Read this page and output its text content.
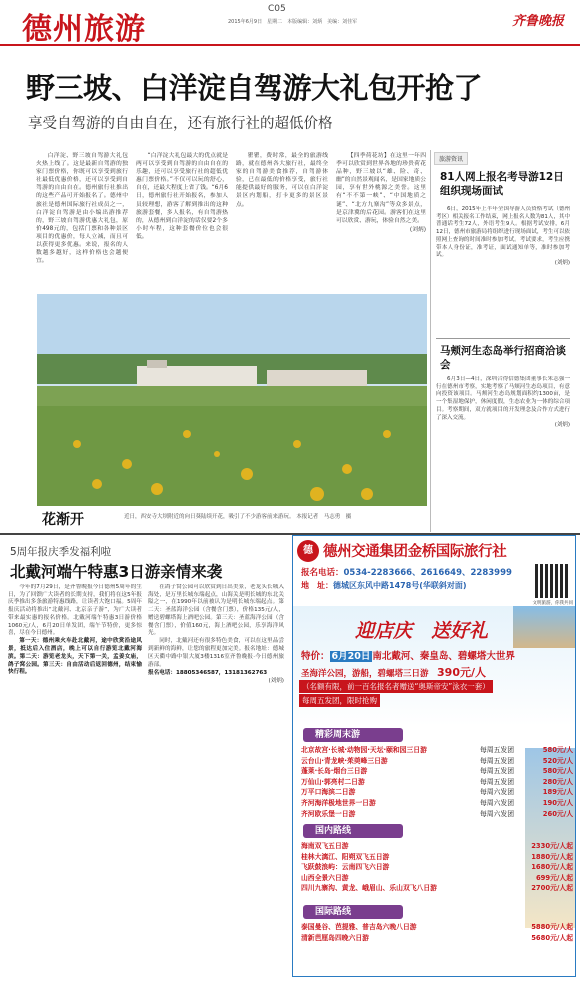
德州旅游
C05
2015年6月9日　星期二　本版编辑：刘炳　美编：刘佳军	齐鲁晚报
野三坡、白洋淀自驾游大礼包开抢了
享受自驾游的自由自在，还有旅行社的超低价格

白洋淀、野三坡自驾游大礼包火热上线了。这是最新自驾游的独家门票价格，你既可以享受到旅行社最低优惠价格，还可以享受到自驾游的自由自在。德州旅行社推出的这些产品可开始报名了。德州中旅社是德州国际旅行社成员之一，白洋淀自驾游是由小编出游推荐的，野三坡自驾游优惠大礼包，原价498元的，包括门票和各种景区项目的优惠价，每人立减，而且可以获得更多优惠。来说，报名的人数越多越好，这样价格也会越便宜。

“白洋淀大礼包最大的优点就是两可以享受到自驾游的自由自在的乐趣，还可以享受旅行社的超低优惠门票价格。”不仅可以玩的舒心，自在，还最大程度上省了钱。“6月6日，德州旅行社开始报名，参加人员较理想，游客了解到推出的这种旅游套餐，多人报名，有自驾游热的，从德州到白洋淀的话仅要2个多小时车程，这种套餐价位也会很低。

瞿瞿，费时常，最全的旅游线路，就在德州各大旅行社，最终全家的自驾游美食推荐，自驾游体验，已在最低的价格享受，旅行社能提供最好的服务，可以在白洋淀景区内划船，打卡更多的景区景点。

【四季荷花坊】在这里一年四季可以欣赏到世界各地的珍贵荷花品种，野三坡以“雄、险、奇、幽”的自然景观闻名，是国家地质公园，享有世外桃源之美誉。这里有“不不第一峡”、“中国地质之谜”、“北方九寨沟”等众多景点，是京津冀的后花园。游客们在这里可以欣赏、游玩，体验自然之美。

(刘炳)

花渐开	近日，西安寺大坝附近的向日葵陆续开花，吸引了不少游客前来游玩。 本报记者　马志勇　摄
旅游资讯
81人网上报名考导游12日组织现场面试

6日，2015年上半年全国导游人员资格考试（德州考区）相关报名工作结束，网上报名人数为81人，其中普通话考生72人，外语考生9人。根据考试安排，6月12日，德州市旅游局将组织进行现场面试，考生可以依照网上查询的时间准时参加考试。考试要求，考生应携带本人身份证，准考证，面试通知单等，准时参加考试。

(刘炳)

马颊河生态岛举行招商洽谈会

6月3日—4日，深圳合得信德集团董事长朱志强一行在德州市考察，实地考察了马颊河生态岛项目，有意向投资该项目。马颊河生态岛规划面积约1300亩，是一个集湿地保护，休闲度假，生态农业为一体的综合项目。考察期间，双方就项目的开发理念及合作方式进行了深入交流。

(刘炳)

5周年报庆季发福利啦
北戴河端午特惠3日游亲情来袭

今年的7月29日，是齐鲁晚报今日德州5周年的生日，为了回馈广大读者的长期支持，我们将在这5年报庆季推出多条旅游特惠线路，让读者大饱口福。5周年报庆活动将推出“北戴河、北京亲子游”，为广大读者带来最实惠的报名价格。北戴河端午特惠3日游价格1060元/人，6月20日单发团，端午节特价，更多惊喜，尽在今日德州。

第一天：德州乘火车赴北戴河，途中欣赏沿途风景，抵达后入住酒店，晚上可以自行游览北戴河海滨。第二天：游览老龙头，天下第一关，孟姜女庙，鸽子窝公园。第三天：自由活动后返回德州，结束愉快行程。

在鸽子窝公园可以欣赏到日出美景，老龙头长城入海处，是万里长城东端起点，山海关是明长城的东北关隘之一，在1990年以前被认为是明长城东端起点。第二天：圣蓝海洋公园（含餐含门票），价格135元/人，赠送碧螺塔海上酒吧公园。第三天：圣蓝海洋公园（含餐含门票），价值160元，海上酒吧公园，乐享海洋风光。

同时，北戴河还有很多特色美食，可以在这里品尝到新鲜的海鲜，让您的旅程更加完美。报名地址：德城区天衢中路中银大厦3楼1316室齐鲁晚报·今日德州旅游部。

报名电话：18805346587，13181362763

(刘炳)

德 德州交通集团金桥国际旅行社
报名电话：0534-2283666、2616649、2283999
地　址：德城区东风中路1478号(华联斜对面)
文明旅游，你我共同
迎店庆　送好礼
特价： 6月20日 南北戴河、秦皇岛、碧螺塔大世界
圣海洋公园，游船，碧螺塔三日游　 390元/人
（名额有限，前一百名报名者赠送“奥斯帝安”泳衣一套）
每周五发团，限时抢购
精彩周末游
北京故宫·长城·动物园·天坛·颐和园三日游	每周五发团	580元/人
云台山·青龙峡·茱萸峰三日游	每周五发团	520元/人
蓬莱·长岛·烟台三日游	每周五发团	580元/人
万仙山·郭亮村二日游	每周五发团	280元/人
万平口海滨二日游	每周六发团	189元/人
齐河海洋极地世界一日游	每周六发团	190元/人
齐河欧乐堡一日游	每周六发团	260元/人
国内路线
海南双飞五日游	2330元/人起
桂林大漓江、阳朔双飞五日游	1880元/人起
飞跃鼓浪屿：云南四飞六日游	1680元/人起
山西全景六日游	699元/人起
四川九寨沟、黄龙、峨眉山、乐山双飞八日游	2700元/人起
国际路线
泰国曼谷、芭提雅、普吉岛六晚八日游	5880元/人起
清新芭厘岛四晚六日游	5680元/人起
